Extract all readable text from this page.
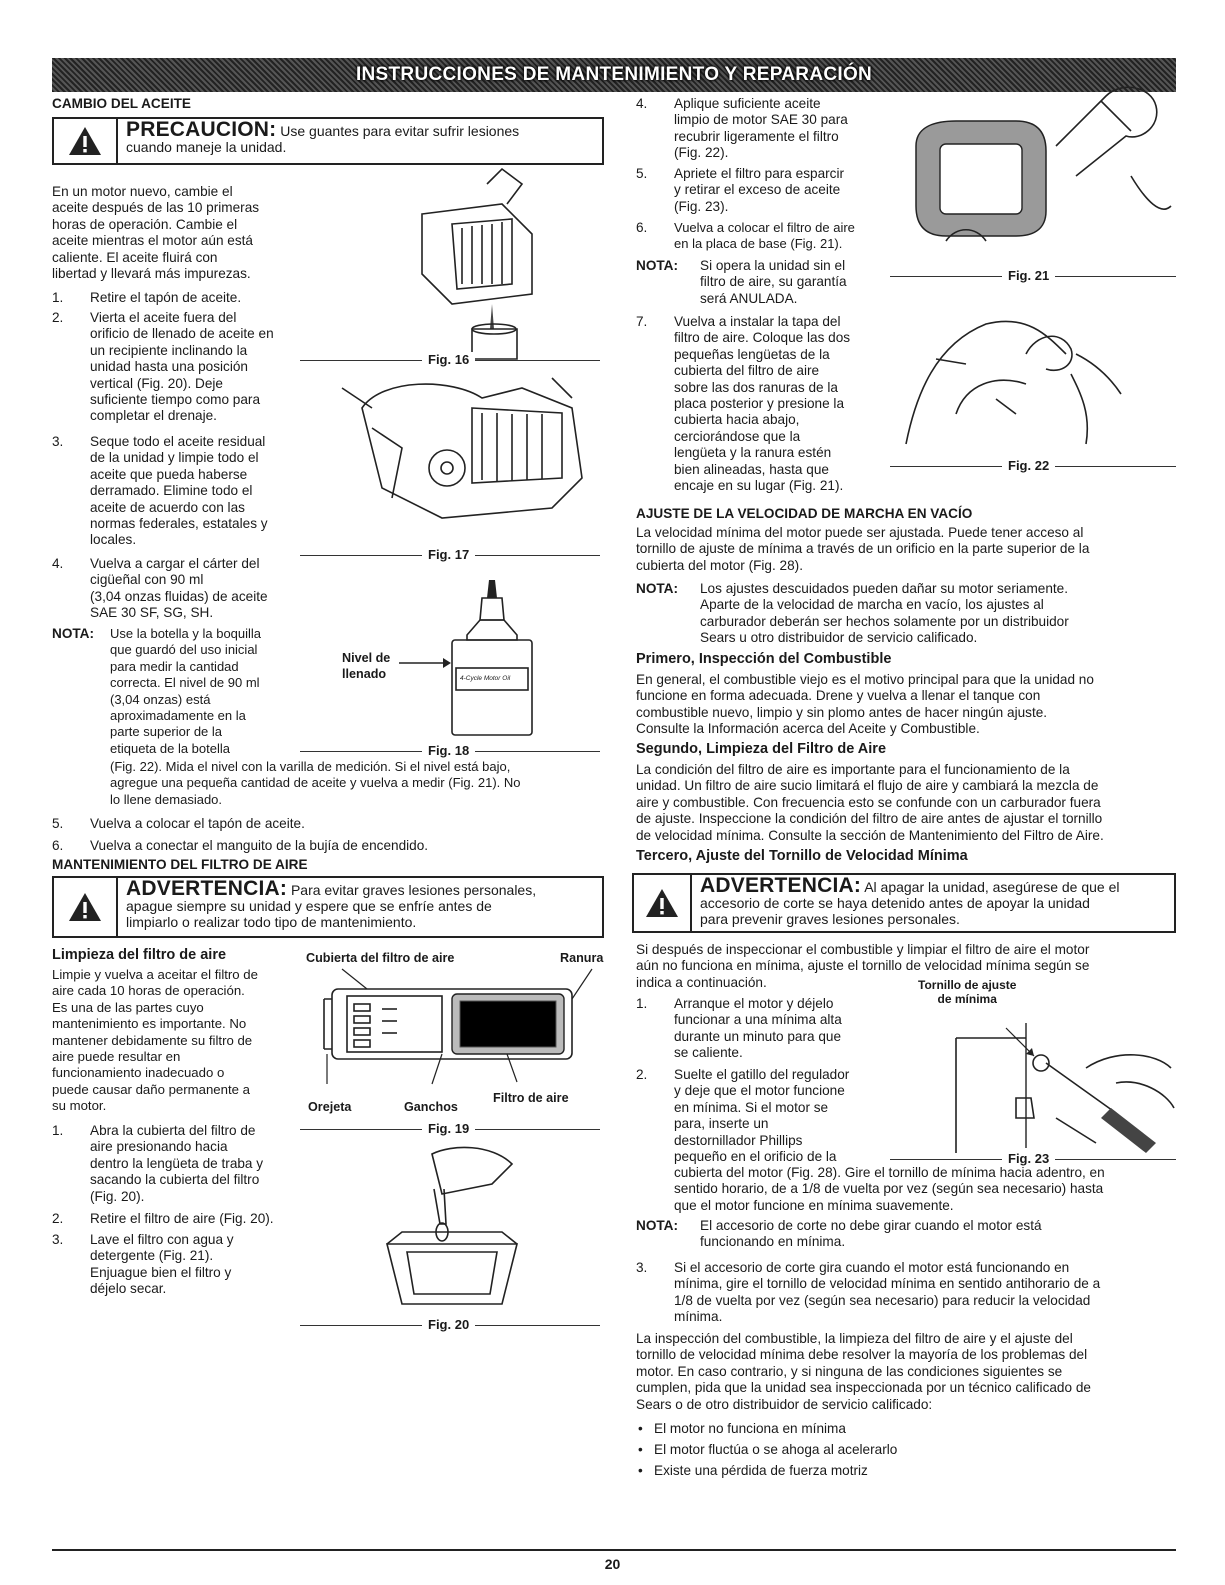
INSTRUCCIONES DE MANTENIMIENTO Y REPARACIÓN
CAMBIO DEL ACEITE
PRECAUCION: Use guantes para evitar sufrir lesiones
cuando maneje la unidad.
En un motor nuevo, cambie el
aceite después de las 10 primeras
horas de operación. Cambie el
aceite mientras el motor aún está
caliente. El aceite fluirá con
libertad y llevará más impurezas.
1. Retire el tapón de aceite.
2. Vierta el aceite fuera del
orificio de llenado de aceite en
un recipiente inclinando la
unidad hasta una posición
vertical (Fig. 20). Deje
suficiente tiempo como para
completar el drenaje.
3. Seque todo el aceite residual
de la unidad y limpie todo el
aceite que pueda haberse
derramado. Elimine todo el
aceite de acuerdo con las
normas federales, estatales y
locales.
4. Vuelva a cargar el cárter del
cigüeñal con 90 ml
(3,04 onzas fluidas) de aceite
SAE 30 SF, SG, SH.
NOTA: Use la botella y la boquilla
que guardó del uso inicial
para medir la cantidad
correcta. El nivel de 90 ml
(3,04 onzas) está
aproximadamente en la
parte superior de la
etiqueta de la botella
(Fig. 22). Mida el nivel con la varilla de medición. Si el nivel está bajo,
agregue una pequeña cantidad de aceite y vuelva a medir (Fig. 21). No
lo llene demasiado.
5. Vuelva a colocar el tapón de aceite.
6. Vuelva a conectar el manguito de la bujía de encendido.
MANTENIMIENTO DEL FILTRO DE AIRE
ADVERTENCIA: Para evitar graves lesiones personales,
apague siempre su unidad y espere que se enfríe antes de
limpiarlo o realizar todo tipo de mantenimiento.
Limpieza del filtro de aire
Limpie y vuelva a aceitar el filtro de
aire cada 10 horas de operación.
Es una de las partes cuyo
mantenimiento es importante. No
mantener debidamente su filtro de
aire puede resultar en
funcionamiento inadecuado o
puede causar daño permanente a
su motor.
1. Abra la cubierta del filtro de
aire presionando hacia
dentro la lengüeta de traba y
sacando la cubierta del filtro
(Fig. 20).
2. Retire el filtro de aire (Fig. 20).
3. Lave el filtro con agua y
detergente (Fig. 21).
Enjuague bien el filtro y
déjelo secar.
Fig. 16
Fig. 17
4-Cycle Motor Oil
Nivel de
llenado
Fig. 18
Cubierta del filtro de aire	Ranura
Orejeta	Ganchos
Filtro de aire
Fig. 19
Fig. 20
4. Aplique suficiente aceite
limpio de motor SAE 30 para
recubrir ligeramente el filtro
(Fig. 22).
5. Apriete el filtro para esparcir
y retirar el exceso de aceite
(Fig. 23).
6. Vuelva a colocar el filtro de aire
en la placa de base (Fig. 21).
NOTA: Si opera la unidad sin el
filtro de aire, su garantía
será ANULADA.
7. Vuelva a instalar la tapa del
filtro de aire. Coloque las dos
pequeñas lengüetas de la
cubierta del filtro de aire
sobre las dos ranuras de la
placa posterior y presione la
cubierta hacia abajo,
cerciorándose que la
lengüeta y la ranura estén
bien alineadas, hasta que
encaje en su lugar (Fig. 21).
Fig. 21
Fig. 22
AJUSTE DE LA VELOCIDAD DE MARCHA EN VACÍO
La velocidad mínima del motor puede ser ajustada. Puede tener acceso al
tornillo de ajuste de mínima a través de un orificio en la parte superior de la
cubierta del motor (Fig. 28).
NOTA: Los ajustes descuidados pueden dañar su motor seriamente.
Aparte de la velocidad de marcha en vacío, los ajustes al
carburador deberán ser hechos solamente por un distribuidor
Sears u otro distribuidor de servicio calificado.
Primero, Inspección del Combustible
En general, el combustible viejo es el motivo principal para que la unidad no
funcione en forma adecuada. Drene y vuelva a llenar el tanque con
combustible nuevo, limpio y sin plomo antes de hacer ningún ajuste.
Consulte la Información acerca del Aceite y Combustible.
Segundo, Limpieza del Filtro de Aire
La condición del filtro de aire es importante para el funcionamiento de la
unidad. Un filtro de aire sucio limitará el flujo de aire y cambiará la mezcla de
aire y combustible. Con frecuencia esto se confunde con un carburador fuera
de ajuste. Inspeccione la condición del filtro de aire antes de ajustar el tornillo
de velocidad mínima. Consulte la sección de Mantenimiento del Filtro de Aire.
Tercero, Ajuste del Tornillo de Velocidad Mínima
ADVERTENCIA: Al apagar la unidad, asegúrese de que el
accesorio de corte se haya detenido antes de apoyar la unidad
para prevenir graves lesiones personales.
Si después de inspeccionar el combustible y limpiar el filtro de aire el motor
aún no funciona en mínima, ajuste el tornillo de velocidad mínima según se
indica a continuación.	Tornillo de ajuste
de mínima
1. Arranque el motor y déjelo
funcionar a una mínima alta
durante un minuto para que
se caliente.
2. Suelte el gatillo del regulador
y deje que el motor funcione
en mínima. Si el motor se
para, inserte un
destornillador Phillips
pequeño en el orificio de la	Fig. 23
cubierta del motor (Fig. 28). Gire el tornillo de mínima hacia adentro, en
sentido horario, de a 1/8 de vuelta por vez (según sea necesario) hasta
que el motor funcione en mínima suavemente.
NOTA: El accesorio de corte no debe girar cuando el motor está
funcionando en mínima.
3. Si el accesorio de corte gira cuando el motor está funcionando en
mínima, gire el tornillo de velocidad mínima en sentido antihorario de a
1/8 de vuelta por vez (según sea necesario) para reducir la velocidad
mínima.
La inspección del combustible, la limpieza del filtro de aire y el ajuste del
tornillo de velocidad mínima debe resolver la mayoría de los problemas del
motor. En caso contrario, y si ninguna de las condiciones siguientes se
cumplen, pida que la unidad sea inspeccionada por un técnico calificado de
Sears o de otro distribuidor de servicio calificado:
• El motor no funciona en mínima
• El motor fluctúa o se ahoga al acelerarlo
• Existe una pérdida de fuerza motriz
20
